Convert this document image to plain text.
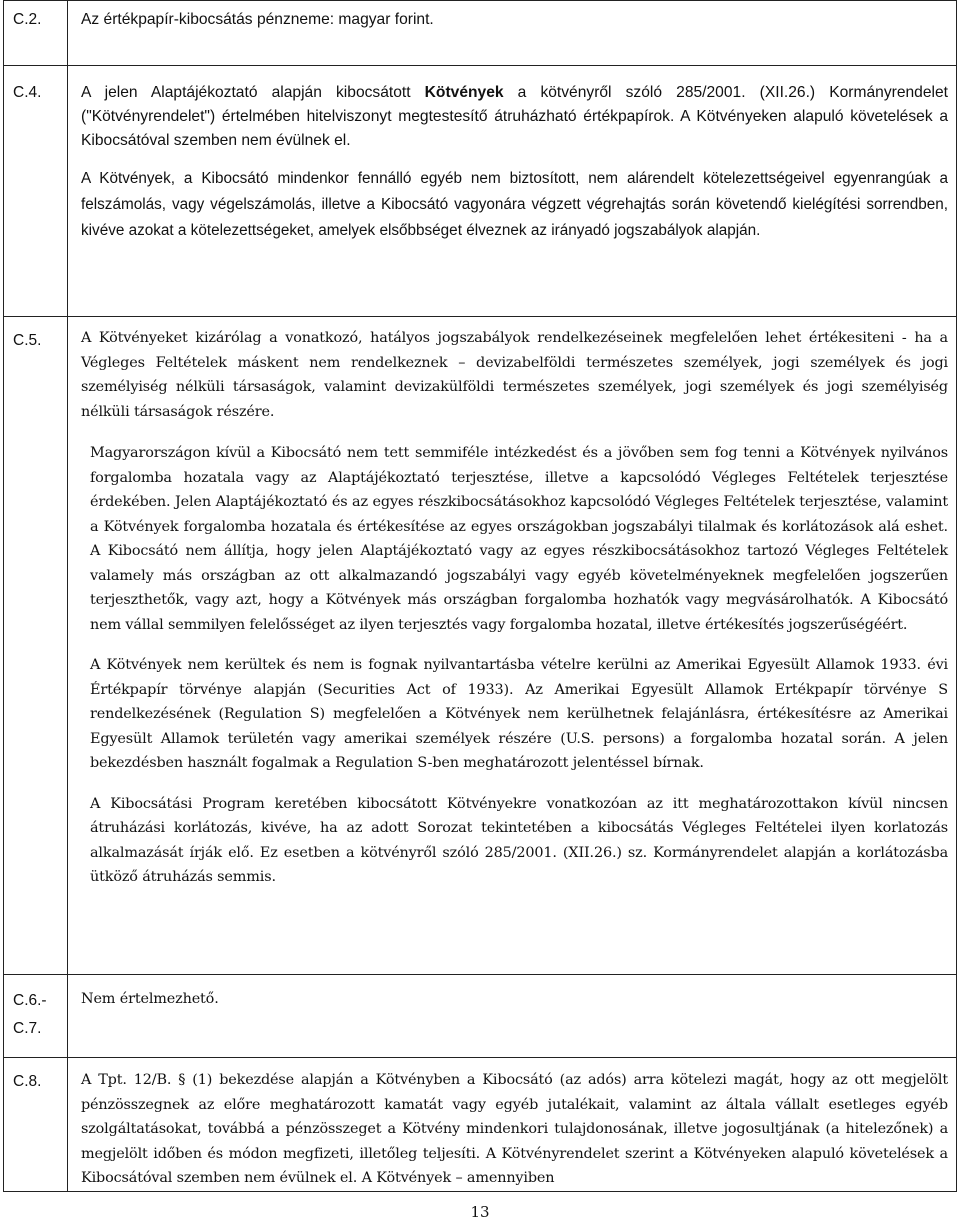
C.2.	Az értékpapír-kibocsátás pénzneme: magyar forint.

C.4.	A jelen Alaptájékoztató alapján kibocsátott Kötvények a kötvényről szóló 285/2001. (XII.26.) Kormányrendelet ("Kötvényrendelet") értelmében hitelviszonyt megtestesítő átruházható értékpapírok. A Kötvényeken alapuló követelések a Kibocsátóval szemben nem évülnek el.

A Kötvények, a Kibocsátó mindenkor fennálló egyéb nem biztosított, nem alárendelt kötelezettségeivel egyenrangúak a felszámolás, vagy végelszámolás, illetve a Kibocsátó vagyonára végzett végrehajtás során követendő kielégítési sorrendben, kivéve azokat a kötelezettségeket, amelyek elsőbbséget élveznek az irányadó jogszabályok alapján.

C.5.	A Kötvényeket kizárólag a vonatkozó, hatályos jogszabályok rendelkezéseinek megfelelően lehet értékesiteni - ha a Végleges Feltételek máskent nem rendelkeznek – devizabelföldi természetes személyek, jogi személyek és jogi személyiség nélküli társaságok, valamint devizakülföldi természetes személyek, jogi személyek és jogi személyiség nélküli társaságok részére.

Magyarországon kívül a Kibocsátó nem tett semmiféle intézkedést és a jövőben sem fog tenni a Kötvények nyilvános forgalomba hozatala vagy az Alaptájékoztató terjesztése, illetve a kapcsolódó Végleges Feltételek terjesztése érdekében. Jelen Alaptájékoztató és az egyes részkibocsátásokhoz kapcsolódó Végleges Feltételek terjesztése, valamint a Kötvények forgalomba hozatala és értékesítése az egyes országokban jogszabályi tilalmak és korlátozások alá eshet. A Kibocsátó nem állítja, hogy jelen Alaptájékoztató vagy az egyes részkibocsátásokhoz tartozó Végleges Feltételek valamely más országban az ott alkalmazandó jogszabályi vagy egyéb követelményeknek megfelelően jogszerűen terjeszthetők, vagy azt, hogy a Kötvények más országban forgalomba hozhatók vagy megvásárolhatók. A Kibocsátó nem vállal semmilyen felelősséget az ilyen terjesztés vagy forgalomba hozatal, illetve értékesítés jogszerűségéért.

A Kötvények nem kerültek és nem is fognak nyilvantartásba vételre kerülni az Amerikai Egyesült Allamok 1933. évi Értékpapír törvénye alapján (Securities Act of 1933). Az Amerikai Egyesült Allamok Ertékpapír törvénye S rendelkezésének (Regulation S) megfelelően a Kötvények nem kerülhetnek felajánlásra, értékesítésre az Amerikai Egyesült Allamok területén vagy amerikai személyek részére (U.S. persons) a forgalomba hozatal során. A jelen bekezdésben használt fogalmak a Regulation S-ben meghatározott jelentéssel bírnak.

A Kibocsátási Program keretében kibocsátott Kötvényekre vonatkozóan az itt meghatározottakon kívül nincsen átruházási korlátozás, kivéve, ha az adott Sorozat tekintetében a kibocsátás Végleges Feltételei ilyen korlatozás alkalmazását írják elő. Ez esetben a kötvényről szóló 285/2001. (XII.26.) sz. Kormányrendelet alapján a korlátozásba ütköző átruházás semmis.

C.6.- C.7.	Nem értelmezhető.

C.8.	A Tpt. 12/B. § (1) bekezdése alapján a Kötvényben a Kibocsátó (az adós) arra kötelezi magát, hogy az ott megjelölt pénzösszegnek az előre meghatározott kamatát vagy egyéb jutalékait, valamint az általa vállalt esetleges egyéb szolgáltatásokat, továbbá a pénzösszeget a Kötvény mindenkori tulajdonosának, illetve jogosultjának (a hitelezőnek) a megjelölt időben és módon megfizeti, illetőleg teljesíti. A Kötvényrendelet szerint a Kötvényeken alapuló követelések a Kibocsátóval szemben nem évülnek el. A Kötvények – amennyiben

13
